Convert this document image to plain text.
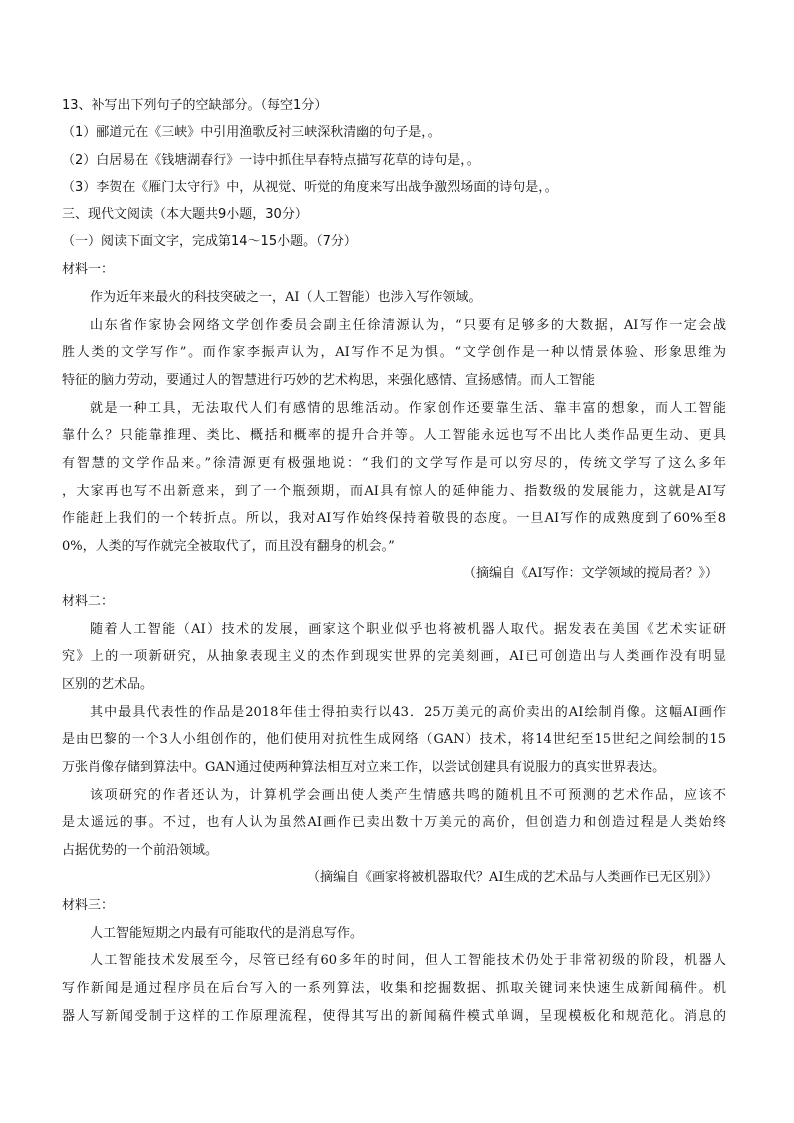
13、补写出下列句子的空缺部分。（每空1分）
（1）郦道元在《三峡》中引用渔歌反衬三峡深秋清幽的句子是，。
（2）白居易在《钱塘湖春行》一诗中抓住早春特点描写花草的诗句是，。
（3）李贺在《雁门太守行》中，从视觉、听觉的角度来写出战争激烈场面的诗句是，。
三、现代文阅读（本大题共9小题，30分）
（一）阅读下面文字，完成第14～15小题。（7分）
材料一：
作为近年来最火的科技突破之一，AI（人工智能）也涉入写作领域。
山东省作家协会网络文学创作委员会副主任徐清源认为，“只要有足够多的大数据，AI写作一定会战
胜人类的文学写作”。而作家李振声认为，AI写作不足为惧。“文学创作是一种以情景体验、形象思维为
特征的脑力劳动，要通过人的智慧进行巧妙的艺术构思，来强化感情、宣扬感情。而人工智能
就是一种工具，无法取代人们有感情的思维活动。作家创作还要靠生活、靠丰富的想象，而人工智能
靠什么？只能靠推理、类比、概括和概率的提升合并等。人工智能永远也写不出比人类作品更生动、更具
有智慧的文学作品来。”徐清源更有极强地说：“我们的文学写作是可以穷尽的，传统文学写了这么多年
，大家再也写不出新意来，到了一个瓶颈期，而AI具有惊人的延伸能力、指数级的发展能力，这就是AI写
作能赶上我们的一个转折点。所以，我对AI写作始终保持着敬畏的态度。一旦AI写作的成熟度到了60%至8
0%，人类的写作就完全被取代了，而且没有翻身的机会。”
（摘编自《AI写作：文学领域的搅局者？》）
材料二：
随着人工智能（AI）技术的发展，画家这个职业似乎也将被机器人取代。据发表在美国《艺术实证研
究》上的一项新研究，从抽象表现主义的杰作到现实世界的完美刻画，AI已可创造出与人类画作没有明显
区别的艺术品。
其中最具代表性的作品是2018年佳士得拍卖行以43．25万美元的高价卖出的AI绘制肖像。这幅AI画作
是由巴黎的一个3人小组创作的，他们使用对抗性生成网络（GAN）技术，将14世纪至15世纪之间绘制的15
万张肖像存储到算法中。GAN通过使两种算法相互对立来工作，以尝试创建具有说服力的真实世界表达。
该项研究的作者还认为，计算机学会画出使人类产生情感共鸣的随机且不可预测的艺术作品，应该不
是太遥远的事。不过，也有人认为虽然AI画作已卖出数十万美元的高价，但创造力和创造过程是人类始终
占据优势的一个前沿领域。
（摘编自《画家将被机器取代？AI生成的艺术品与人类画作已无区别》）
材料三：
人工智能短期之内最有可能取代的是消息写作。
人工智能技术发展至今，尽管已经有60多年的时间，但人工智能技术仍处于非常初级的阶段，机器人
写作新闻是通过程序员在后台写入的一系列算法，收集和挖掘数据、抓取关键词来快速生成新闻稿件。机
器人写新闻受制于这样的工作原理流程，使得其写出的新闻稿件模式单调，呈现模板化和规范化。消息的
